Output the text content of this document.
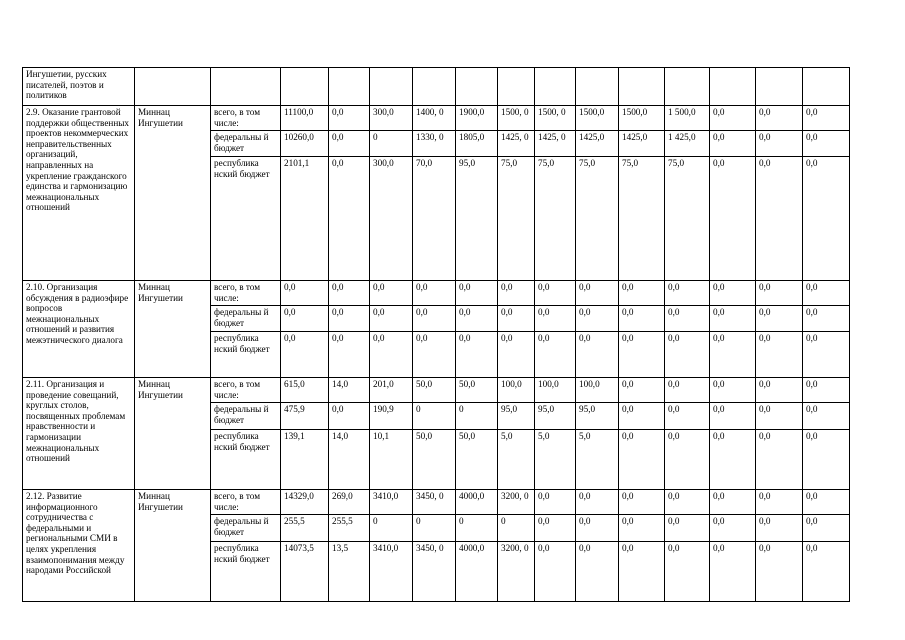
Ингушетии, русских писателей, поэтов и политиков															
2.9. Оказание грантовой поддержки общественных проектов некоммерческих неправительственных организаций, направленных на укрепление гражданского единства и гармонизацию межнациональных отношений	Миннац Ингушетии	всего, в том числе:	11100,0	0,0	300,0	1400, 0	1900,0	1500, 0	1500, 0	1500,0	1500,0	1 500,0	0,0	0,0	0,0
		федеральны й бюджет	10260,0	0,0	0	1330, 0	1805,0	1425, 0	1425, 0	1425,0	1425,0	1 425,0	0,0	0,0	0,0
		республика нский бюджет	2101,1	0,0	300,0	70,0	95,0	75,0	75,0	75,0	75,0	75,0	0,0	0,0	0,0
2.10. Организация обсуждения в радиоэфире вопросов межнациональных отношений и развития межэтнического диалога	Миннац Ингушетии	всего, в том числе:	0,0	0,0	0,0	0,0	0,0	0,0	0,0	0,0	0,0	0,0	0,0	0,0	0,0
		федеральны й бюджет	0,0	0,0	0,0	0,0	0,0	0,0	0,0	0,0	0,0	0,0	0,0	0,0	0,0
		республика нский бюджет	0,0	0,0	0,0	0,0	0,0	0,0	0,0	0,0	0,0	0,0	0,0	0,0	0,0
2.11. Организация и проведение совещаний, круглых столов, посвященных проблемам нравственности и гармонизации межнациональных отношений	Миннац Ингушетии	всего, в том числе:	615,0	14,0	201,0	50,0	50,0	100,0	100,0	100,0	0,0	0,0	0,0	0,0	0,0
		федеральны й бюджет	475,9	0,0	190,9	0	0	95,0	95,0	95,0	0,0	0,0	0,0	0,0	0,0
		республика нский бюджет	139,1	14,0	10,1	50,0	50,0	5,0	5,0	5,0	0,0	0,0	0,0	0,0	0,0
2.12. Развитие информационного сотрудничества с федеральными и региональными СМИ в целях укрепления взаимопонимания между народами Российской	Миннац Ингушетии	всего, в том числе:	14329,0	269,0	3410,0	3450, 0	4000,0	3200, 0	0,0	0,0	0,0	0,0	0,0	0,0	0,0
		федеральны й бюджет	255,5	255,5	0	0	0	0	0,0	0,0	0,0	0,0	0,0	0,0	0,0
		республика нский бюджет	14073,5	13,5	3410,0	3450, 0	4000,0	3200, 0	0,0	0,0	0,0	0,0	0,0	0,0	0,0
